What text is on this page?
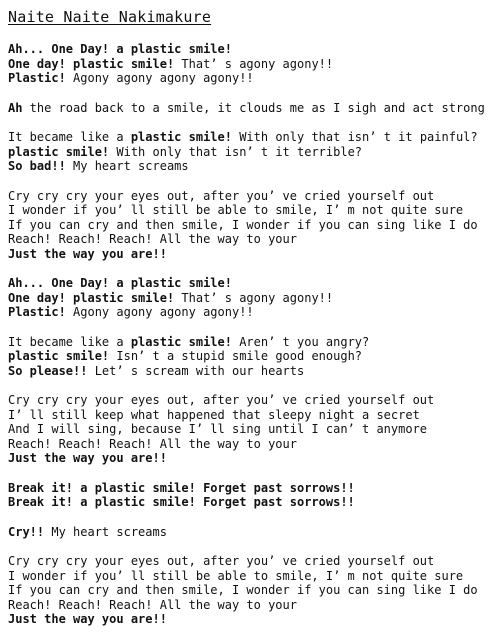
Naite Naite Nakimakure
Ah... One Day! a plastic smile!
One day! plastic smile! That’ s agony agony!!
Plastic! Agony agony agony agony!!
Ah the road back to a smile, it clouds me as I sigh and act strong
It became like a plastic smile! With only that isn’ t it painful?
plastic smile! With only that isn’ t it terrible?
So bad!! My heart screams
Cry cry cry your eyes out, after you’ ve cried yourself out
I wonder if you’ ll still be able to smile, I’ m not quite sure
If you can cry and then smile, I wonder if you can sing like I do
Reach! Reach! Reach! All the way to your
Just the way you are!!
Ah... One Day! a plastic smile!
One day! plastic smile! That’ s agony agony!!
Plastic! Agony agony agony agony!!
It became like a plastic smile! Aren’ t you angry?
plastic smile! Isn’ t a stupid smile good enough?
So please!! Let’ s scream with our hearts
Cry cry cry your eyes out, after you’ ve cried yourself out
I’ ll still keep what happened that sleepy night a secret
And I will sing, because I’ ll sing until I can’ t anymore
Reach! Reach! Reach! All the way to your
Just the way you are!!
Break it! a plastic smile! Forget past sorrows!!
Break it! a plastic smile! Forget past sorrows!!
Cry!! My heart screams
Cry cry cry your eyes out, after you’ ve cried yourself out
I wonder if you’ ll still be able to smile, I’ m not quite sure
If you can cry and then smile, I wonder if you can sing like I do
Reach! Reach! Reach! All the way to your
Just the way you are!!
